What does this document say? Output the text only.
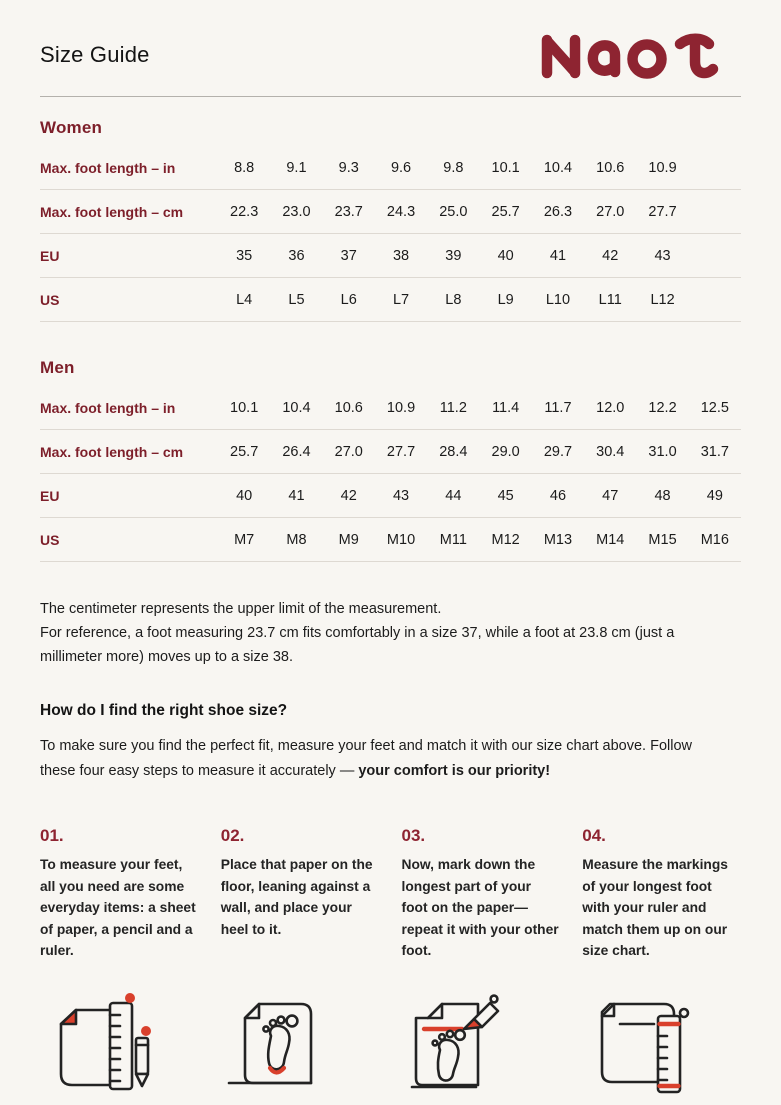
Size Guide
Women
Max. foot length – in	8.8	9.1	9.3	9.6	9.8	10.1	10.4	10.6	10.9
Max. foot length – cm	22.3	23.0	23.7	24.3	25.0	25.7	26.3	27.0	27.7
EU	35	36	37	38	39	40	41	42	43
US	L4	L5	L6	L7	L8	L9	L10	L11	L12
Men
Max. foot length – in	10.1	10.4	10.6	10.9	11.2	11.4	11.7	12.0	12.2	12.5
Max. foot length – cm	25.7	26.4	27.0	27.7	28.4	29.0	29.7	30.4	31.0	31.7
EU	40	41	42	43	44	45	46	47	48	49
US	M7	M8	M9	M10	M11	M12	M13	M14	M15	M16

The centimeter represents the upper limit of the measurement.

For reference, a foot measuring 23.7 cm fits comfortably in a size 37, while a foot at 23.8 cm (just a millimeter more) moves up to a size 38.

How do I find the right shoe size?

To make sure you find the perfect fit, measure your feet and match it with our size chart above. Follow these four easy steps to measure it accurately — your comfort is our priority!

01.
To measure your feet, all you need are some everyday items: a sheet of paper, a pencil and a ruler.
02.
Place that paper on the floor, leaning against a wall, and place your heel to it.
03.
Now, mark down the longest part of your foot on the paper—repeat it with your other foot.
04.
Measure the markings of your longest foot with your ruler and match them up on our size chart.
